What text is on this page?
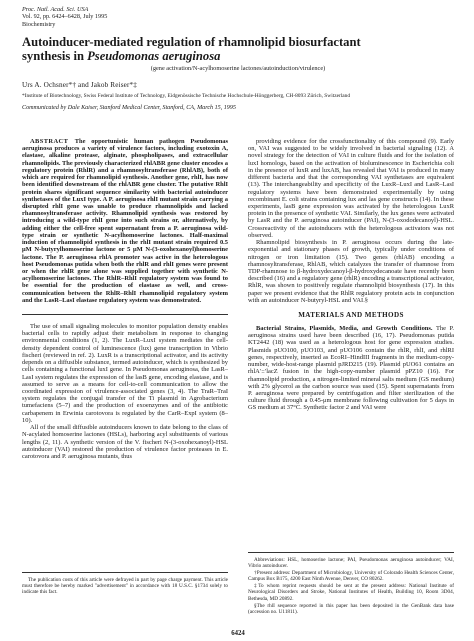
Proc. Natl. Acad. Sci. USA
Vol. 92, pp. 6424–6428, July 1995
Biochemistry
Autoinducer-mediated regulation of rhamnolipid biosurfactant
synthesis in Pseudomonas aeruginosa
(gene activation/N-acylhomoserine lactones/autoinduction/virulence)
Urs A. Ochsner*† and Jakob Reiser*‡
*Institute of Biotechnology, Swiss Federal Institute of Technology, Eidgenössische Technische Hochschule-Hönggerberg, CH-8093 Zürich, Switzerland
Communicated by Dale Kaiser, Stanford Medical Center, Stanford, CA, March 15, 1995

ABSTRACT  The opportunistic human pathogen Pseudomonas aeruginosa produces a variety of virulence factors, including exotoxin A, elastase, alkaline protease, alginate, phospholipases, and extracellular rhamnolipids. The previously characterized rhlABR gene cluster encodes a regulatory protein (RhlR) and a rhamnosyltransferase (RhlAB), both of which are required for rhamnolipid synthesis. Another gene, rhlI, has now been identified downstream of the rhlABR gene cluster. The putative RhlI protein shares significant sequence similarity with bacterial autoinducer synthetases of the LuxI type. A P. aeruginosa rhlI mutant strain carrying a disrupted rhlI gene was unable to produce rhamnolipids and lacked rhamnosyltransferase activity. Rhamnolipid synthesis was restored by introducing a wild-type rhlI gene into such strains or, alternatively, by adding either the cell-free spent supernatant from a P. aeruginosa wild-type strain or synthetic N-acylhomoserine lactones. Half-maximal induction of rhamnolipid synthesis in the rhlI mutant strain required 0.5 μM N-butyrylhomoserine lactone or 5 μM N-(3-oxohexanoyl)homoserine lactone. The P. aeruginosa rhlA promoter was active in the heterologous host Pseudomonas putida when both the rhlR and rhlI genes were present or when the rhlR gene alone was supplied together with synthetic N-acylhomoserine lactones. The RhlR–RhlI regulatory system was found to be essential for the production of elastase as well, and cross-communication between the RhlR–RhlI rhamnolipid regulatory system and the LasR–LasI elastase regulatory system was demonstrated.

The use of small signaling molecules to monitor population density enables bacterial cells to rapidly adjust their metabolism in response to changing environmental conditions (1, 2). The LuxR–LuxI system mediates the cell-density dependent control of luminescence (lux) gene transcription in Vibrio fischeri (reviewed in ref. 2). LuxR is a transcriptional activator, and its activity depends on a diffusible substance, termed autoinducer, which is synthesized by cells containing a functional luxI gene. In Pseudomonas aeruginosa, the LasR–LasI system regulates the expression of the lasB gene, encoding elastase, and is assumed to serve as a means for cell-to-cell communication to allow the coordinated expression of virulence-associated genes (3, 4). The TraR–TraI system regulates the conjugal transfer of the Ti plasmid in Agrobacterium tumefaciens (5–7) and the production of exoenzymes and of the antibiotic carbapenem in Erwinia carotovora is regulated by the CarR–ExpI system (8–10).

All of the small diffusible autoinducers known to date belong to the class of N-acylated homoserine lactones (HSLs), harboring acyl substituents of various lengths (2, 11). A synthetic version of the V. fischeri N-(3-oxohexanoyl)-HSL autoinducer (VAI) restored the production of virulence factor proteases in E. carotovora and P. aeruginosa mutants, thus

The publication costs of this article were defrayed in part by page charge payment. This article must therefore be hereby marked "advertisement" in accordance with 18 U.S.C. §1734 solely to indicate this fact.

providing evidence for the crossfunctionality of this compound (9). Early on, VAI was suggested to be widely involved in bacterial signaling (12). A novel strategy for the detection of VAI in culture fluids and for the isolation of luxI homologs, based on the activation of bioluminescence in Escherichia coli in the presence of luxR and luxAB, has revealed that VAI is produced in many different bacteria and that the corresponding VAI synthetases are equivalent (13). The interchangeability and specificity of the LuxR–LuxI and LasR–LasI regulatory systems have been demonstrated experimentally by using recombinant E. coli strains containing lux and las gene constructs (14). In these experiments, lasB gene expression was activated by the heterologous LuxR protein in the presence of synthetic VAI. Similarly, the lux genes were activated by LasR and the P. aeruginosa autoinducer (PAI), N-(3-oxododecanoyl)-HSL. Crossreactivity of the autoinducers with the heterologous activators was not observed.

Rhamnolipid biosynthesis in P. aeruginosa occurs during the late-exponential and stationary phases of growth, typically under conditions of nitrogen or iron limitation (15). Two genes (rhlAB) encoding a rhamnosyltransferase, RhlAB, which catalyzes the transfer of rhamnose from TDP-rhamnose to β-hydroxydecanoyl-β-hydroxydecanoate have recently been described (16) and a regulatory gene (rhlR) encoding a transcriptional activator, RhlR, was shown to positively regulate rhamnolipid biosynthesis (17). In this paper we present evidence that the RhlR regulatory protein acts in conjunction with an autoinducer N-butyryl-HSL and VAI.§

MATERIALS AND METHODS

Bacterial Strains, Plasmids, Media, and Growth Conditions. The P. aeruginosa strains used have been described (16, 17). Pseudomonas putida KT2442 (18) was used as a heterologous host for gene expression studies. Plasmids pUO100, pUO103, and pUO106 contain the rhlR, rhlI, and rhlRI genes, respectively, inserted as EcoRI–HindIII fragments in the medium-copy-number, wide-host-range plasmid pJRD215 (19). Plasmid pUO61 contains an rhlA′::′lacZ fusion in the high-copy-number plasmid pPZ10 (16). For rhamnolipid production, a nitrogen-limited mineral salts medium (GS medium) with 2% glycerol as the carbon source was used (15). Spent supernatants from P. aeruginosa were prepared by centrifugation and filter sterilization of the culture fluid through a 0.45-μm membrane following cultivation for 5 days in GS medium at 37°C. Synthetic factor 2 and VAI were

Abbreviations: HSL, homoserine lactone; PAI, Pseudomonas aeruginosa autoinducer; VAI, Vibrio autoinducer.

†Present address: Department of Microbiology, University of Colorado Health Sciences Center, Campus Box B175, 4200 East Ninth Avenue, Denver, CO 80262.

‡To whom reprint requests should be sent at the present address: National Institute of Neurological Disorders and Stroke, National Institutes of Health, Building 10, Room 3D04, Bethesda, MD 20892.

§The rhlI sequence reported in this paper has been deposited in the GenBank data base (accession no. U11811).

6424
